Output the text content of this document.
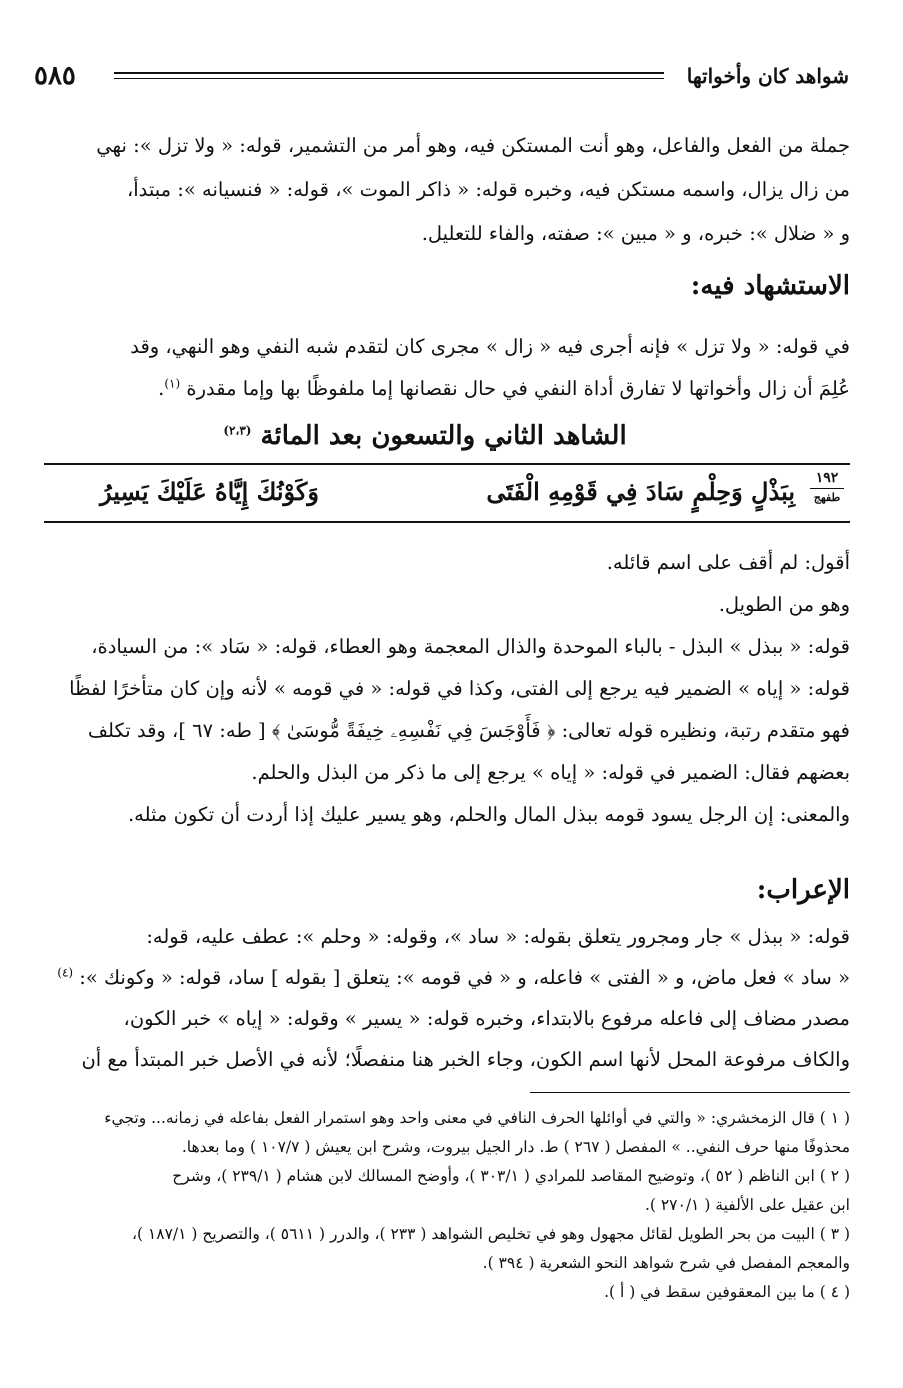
٥٨٥	شواهد كان وأخواتها
جملة من الفعل والفاعل، وهو أنت المستكن فيه، وهو أمر من التشمير، قوله: « ولا تزل »: نهي
من زال يزال، واسمه مستكن فيه، وخبره قوله: « ذاكر الموت »، قوله: « فنسيانه »: مبتدأ،
و « ضلال »: خبره، و « مبين »: صفته، والفاء للتعليل.
الاستشهاد فيه:
في قوله: « ولا تزل » فإنه أجرى فيه « زال » مجرى كان لتقدم شبه النفي وهو النهي، وقد
عُلِمَ أن زال وأخواتها لا تفارق أداة النفي في حال نقصانها إما ملفوظًا بها وإما مقدرة $^{(١)}$.
الشاهد الثاني والتسعون بعد المائة $^{(٢،٣)}$
١٩٢
طفهج
بِبَذْلٍ وَحِلْمٍ سَادَ فِي قَوْمِهِ الْفَتَى
وَكَوْنُكَ إِيَّاهُ عَلَيْكَ يَسِيرُ
أقول: لم أقف على اسم قائله.
وهو من الطويل.
قوله: « ببذل » البذل - بالباء الموحدة والذال المعجمة وهو العطاء، قوله: « سَاد »: من السيادة،
قوله: « إياه » الضمير فيه يرجع إلى الفتى، وكذا في قوله: « في قومه » لأنه وإن كان متأخرًا لفظًا
فهو متقدم رتبة، ونظيره قوله تعالى: ﴿ فَأَوْجَسَ فِي نَفْسِهِۦ خِيفَةً مُّوسَىٰ ﴾ [ طه: ٦٧ ]، وقد تكلف
بعضهم فقال: الضمير في قوله: « إياه » يرجع إلى ما ذكر من البذل والحلم.
والمعنى: إن الرجل يسود قومه ببذل المال والحلم، وهو يسير عليك إذا أردت أن تكون مثله.
الإعراب:
قوله: « ببذل » جار ومجرور يتعلق بقوله: « ساد »، وقوله: « وحلم »: عطف عليه، قوله:
« ساد » فعل ماض، و « الفتى » فاعله، و « في قومه »: يتعلق [ بقوله ] ساد، قوله: « وكونك »: $^{(٤)}$
مصدر مضاف إلى فاعله مرفوع بالابتداء، وخبره قوله: « يسير » وقوله: « إياه » خبر الكون،
والكاف مرفوعة المحل لأنها اسم الكون، وجاء الخبر هنا منفصلًا؛ لأنه في الأصل خبر المبتدأ مع أن
( ١ ) قال الزمخشري: « والتي في أوائلها الحرف النافي في معنى واحد وهو استمرار الفعل بفاعله في زمانه... وتجيء
محذوفًا منها حرف النفي.. » المفصل ( ٢٦٧ ) ط. دار الجيل بيروت، وشرح ابن يعيش ( ١٠٧/٧ ) وما بعدها.
( ٢ ) ابن الناظم ( ٥٢ )، وتوضيح المقاصد للمرادي ( ٣٠٣/١ )، وأوضح المسالك لابن هشام ( ٢٣٩/١ )، وشرح
ابن عقيل على الألفية ( ٢٧٠/١ ).
( ٣ ) البيت من بحر الطويل لقائل مجهول وهو في تخليص الشواهد ( ٢٣٣ )، والدرر ( ٥٦١١ )، والتصريح ( ١٨٧/١ )،
والمعجم المفصل في شرح شواهد النحو الشعرية ( ٣٩٤ ).
( ٤ ) ما بين المعقوفين سقط في ( أ ).
